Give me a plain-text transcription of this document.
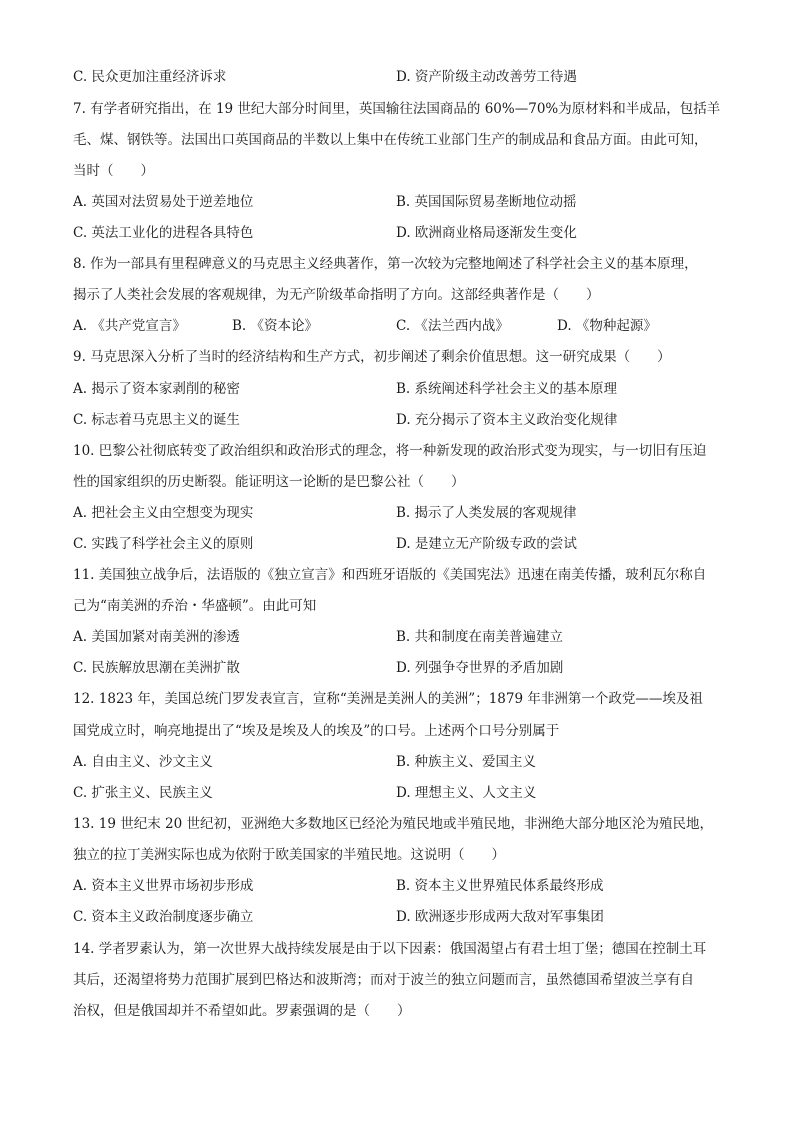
C. 民众更加注重经济诉求	D. 资产阶级主动改善劳工待遇
7. 有学者研究指出，在 19 世纪大部分时间里，英国输往法国商品的 60%—70%为原材料和半成品，包括羊
毛、煤、钢铁等。法国出口英国商品的半数以上集中在传统工业部门生产的制成品和食品方面。由此可知，
当时（　　）
A. 英国对法贸易处于逆差地位	B. 英国国际贸易垄断地位动摇
C. 英法工业化的进程各具特色	D. 欧洲商业格局逐渐发生变化
8. 作为一部具有里程碑意义的马克思主义经典著作，第一次较为完整地阐述了科学社会主义的基本原理，
揭示了人类社会发展的客观规律，为无产阶级革命指明了方向。这部经典著作是（　　）
A. 《共产党宣言》	B. 《资本论》	C. 《法兰西内战》	D. 《物种起源》
9. 马克思深入分析了当时的经济结构和生产方式，初步阐述了剩余价值思想。这一研究成果（　　）
A. 揭示了资本家剥削的秘密	B. 系统阐述科学社会主义的基本原理
C. 标志着马克思主义的诞生	D. 充分揭示了资本主义政治变化规律
10. 巴黎公社彻底转变了政治组织和政治形式的理念，将一种新发现的政治形式变为现实，与一切旧有压迫
性的国家组织的历史断裂。能证明这一论断的是巴黎公社（　　）
A. 把社会主义由空想变为现实	B. 揭示了人类发展的客观规律
C. 实践了科学社会主义的原则	D. 是建立无产阶级专政的尝试
11. 美国独立战争后，法语版的《独立宣言》和西班牙语版的《美国宪法》迅速在南美传播，玻利瓦尔称自
己为“南美洲的乔治・华盛顿”。由此可知
A. 美国加紧对南美洲的渗透	B. 共和制度在南美普遍建立
C. 民族解放思潮在美洲扩散	D. 列强争夺世界的矛盾加剧
12. 1823 年，美国总统门罗发表宣言，宣称“美洲是美洲人的美洲”；1879 年非洲第一个政党——埃及祖
国党成立时，响亮地提出了“埃及是埃及人的埃及”的口号。上述两个口号分别属于
A. 自由主义、沙文主义	B. 种族主义、爱国主义
C. 扩张主义、民族主义	D. 理想主义、人文主义
13. 19 世纪末 20 世纪初，亚洲绝大多数地区已经沦为殖民地或半殖民地，非洲绝大部分地区沦为殖民地，
独立的拉丁美洲实际也成为依附于欧美国家的半殖民地。这说明（　　）
A. 资本主义世界市场初步形成	B. 资本主义世界殖民体系最终形成
C. 资本主义政治制度逐步确立	D. 欧洲逐步形成两大敌对军事集团
14. 学者罗素认为，第一次世界大战持续发展是由于以下因素：俄国渴望占有君士坦丁堡；德国在控制土耳
其后，还渴望将势力范围扩展到巴格达和波斯湾；而对于波兰的独立问题而言，虽然德国希望波兰享有自
治权，但是俄国却并不希望如此。罗素强调的是（　　）
